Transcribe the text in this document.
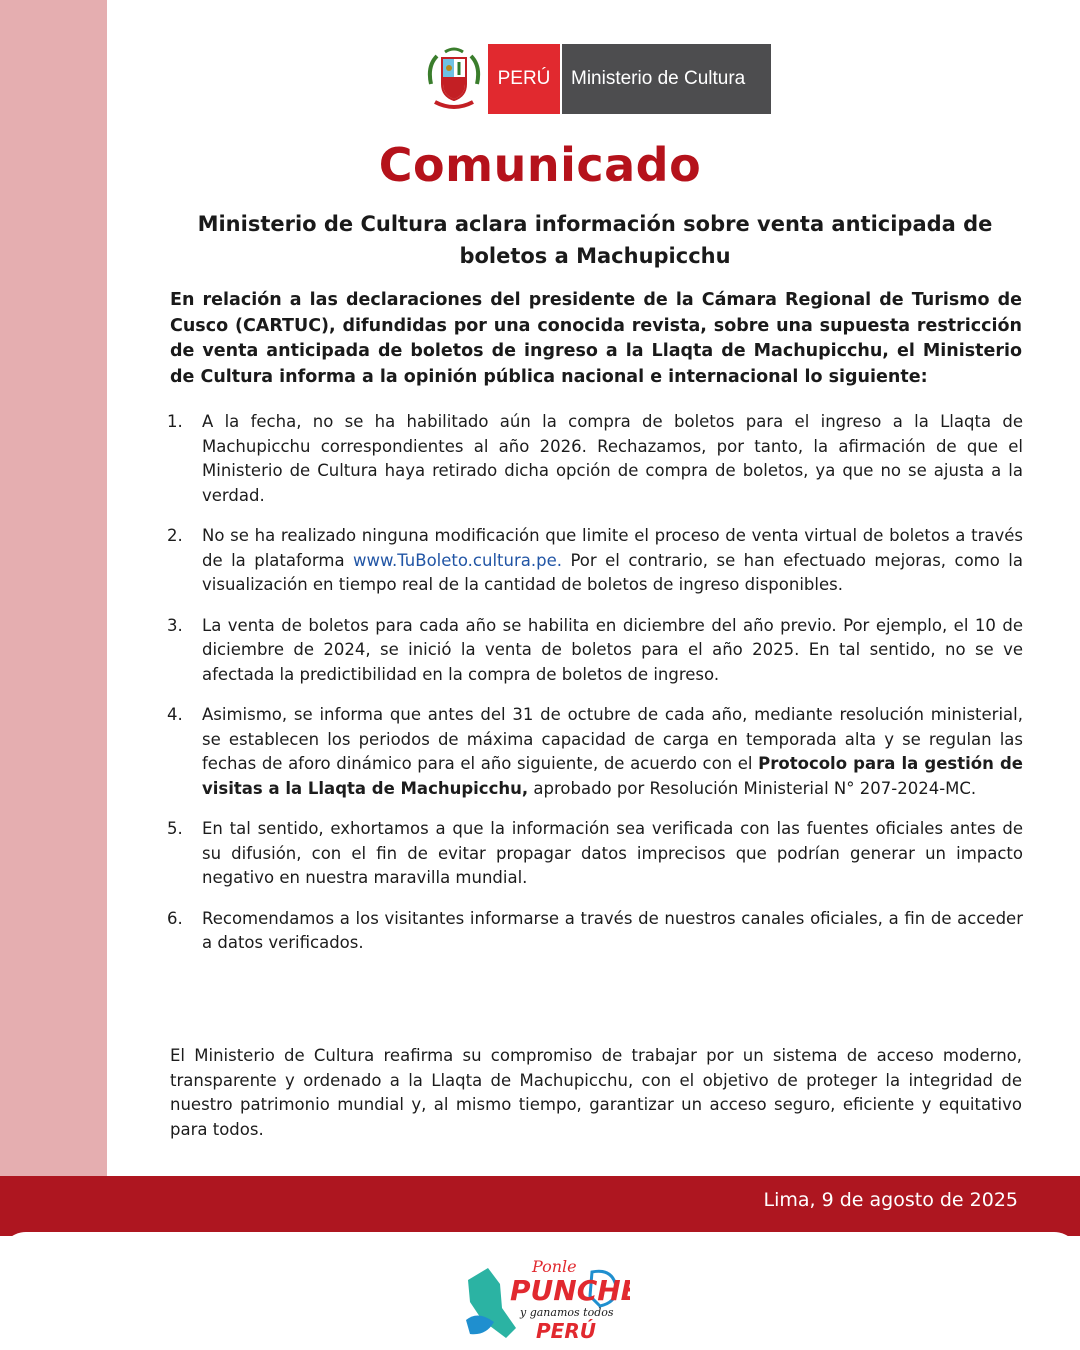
PERÚ	Ministerio de Cultura
Comunicado
Ministerio de Cultura aclara información sobre venta anticipada de boletos a Machupicchu

En relación a las declaraciones del presidente de la Cámara Regional de Turismo de Cusco (CARTUC), difundidas por una conocida revista, sobre una supuesta restricción de venta anticipada de boletos de ingreso a la Llaqta de Machupicchu, el Ministerio de Cultura informa a la opinión pública nacional e internacional lo siguiente:

1. A la fecha, no se ha habilitado aún la compra de boletos para el ingreso a la Llaqta de Machupicchu correspondientes al año 2026. Rechazamos, por tanto, la afirmación de que el Ministerio de Cultura haya retirado dicha opción de compra de boletos, ya que no se ajusta a la verdad.
2. No se ha realizado ninguna modificación que limite el proceso de venta virtual de boletos a través de la plataforma www.TuBoleto.cultura.pe. Por el contrario, se han efectuado mejoras, como la visualización en tiempo real de la cantidad de boletos de ingreso disponibles.
3. La venta de boletos para cada año se habilita en diciembre del año previo. Por ejemplo, el 10 de diciembre de 2024, se inició la venta de boletos para el año 2025. En tal sentido, no se ve afectada la predictibilidad en la compra de boletos de ingreso.
4. Asimismo, se informa que antes del 31 de octubre de cada año, mediante resolución ministerial, se establecen los periodos de máxima capacidad de carga en temporada alta y se regulan las fechas de aforo dinámico para el año siguiente, de acuerdo con el Protocolo para la gestión de visitas a la Llaqta de Machupicchu, aprobado por Resolución Ministerial N° 207-2024-MC.
5. En tal sentido, exhortamos a que la información sea verificada con las fuentes oficiales antes de su difusión, con el fin de evitar propagar datos imprecisos que podrían generar un impacto negativo en nuestra maravilla mundial.
6. Recomendamos a los visitantes informarse a través de nuestros canales oficiales, a fin de acceder a datos verificados.

El Ministerio de Cultura reafirma su compromiso de trabajar por un sistema de acceso moderno, transparente y ordenado a la Llaqta de Machupicchu, con el objetivo de proteger la integridad de nuestro patrimonio mundial y, al mismo tiempo, garantizar un acceso seguro, eficiente y equitativo para todos.

Lima, 9 de agosto de 2025
Ponle
PUNCHE
y ganamos todos
PERÚ
